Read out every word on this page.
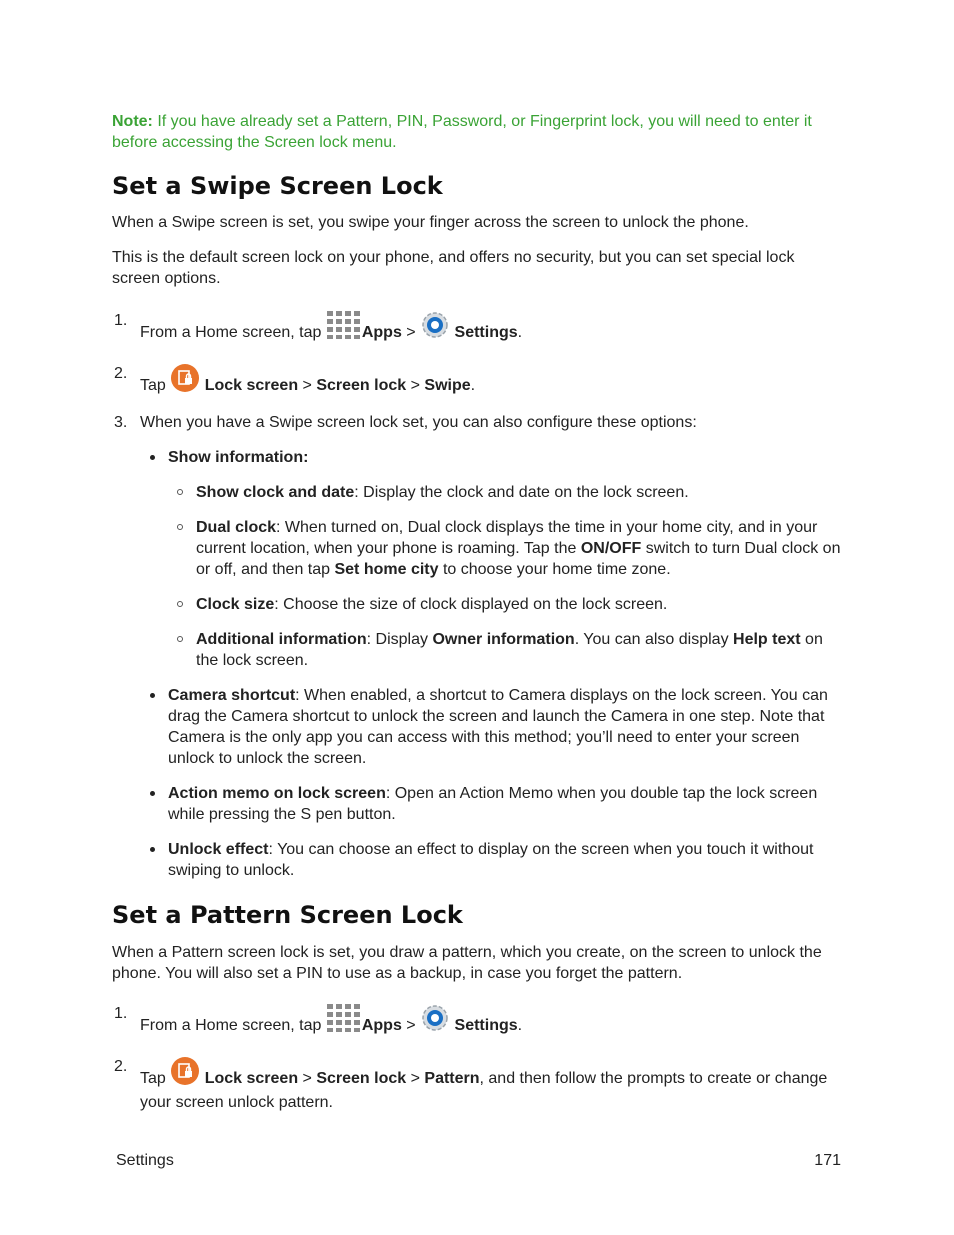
Note: If you have already set a Pattern, PIN, Password, or Fingerprint lock, you will need to enter it before accessing the Screen lock menu.

Set a Swipe Screen Lock

When a Swipe screen is set, you swipe your finger across the screen to unlock the phone.

This is the default screen lock on your phone, and offers no security, but you can set special lock screen options.

1.
From a Home screen, tap Apps >  Settings.
2.
Tap  Lock screen > Screen lock > Swipe.
3. When you have a Swipe screen lock set, you can also configure these options:
Show information:
Show clock and date: Display the clock and date on the lock screen.
Dual clock: When turned on, Dual clock displays the time in your home city, and in your current location, when your phone is roaming. Tap the ON/OFF switch to turn Dual clock on or off, and then tap Set home city to choose your home time zone.
Clock size: Choose the size of clock displayed on the lock screen.
Additional information: Display Owner information. You can also display Help text on the lock screen.
Camera shortcut: When enabled, a shortcut to Camera displays on the lock screen. You can drag the Camera shortcut to unlock the screen and launch the Camera in one step. Note that Camera is the only app you can access with this method; you’ll need to enter your screen unlock to unlock the screen.
Action memo on lock screen: Open an Action Memo when you double tap the lock screen while pressing the S pen button.
Unlock effect: You can choose an effect to display on the screen when you touch it without swiping to unlock.
Set a Pattern Screen Lock

When a Pattern screen lock is set, you draw a pattern, which you create, on the screen to unlock the phone. You will also set a PIN to use as a backup, in case you forget the pattern.

1.
From a Home screen, tap Apps >  Settings.
2.
Tap  Lock screen > Screen lock > Pattern, and then follow the prompts to create or change your screen unlock pattern.
Settings	171
